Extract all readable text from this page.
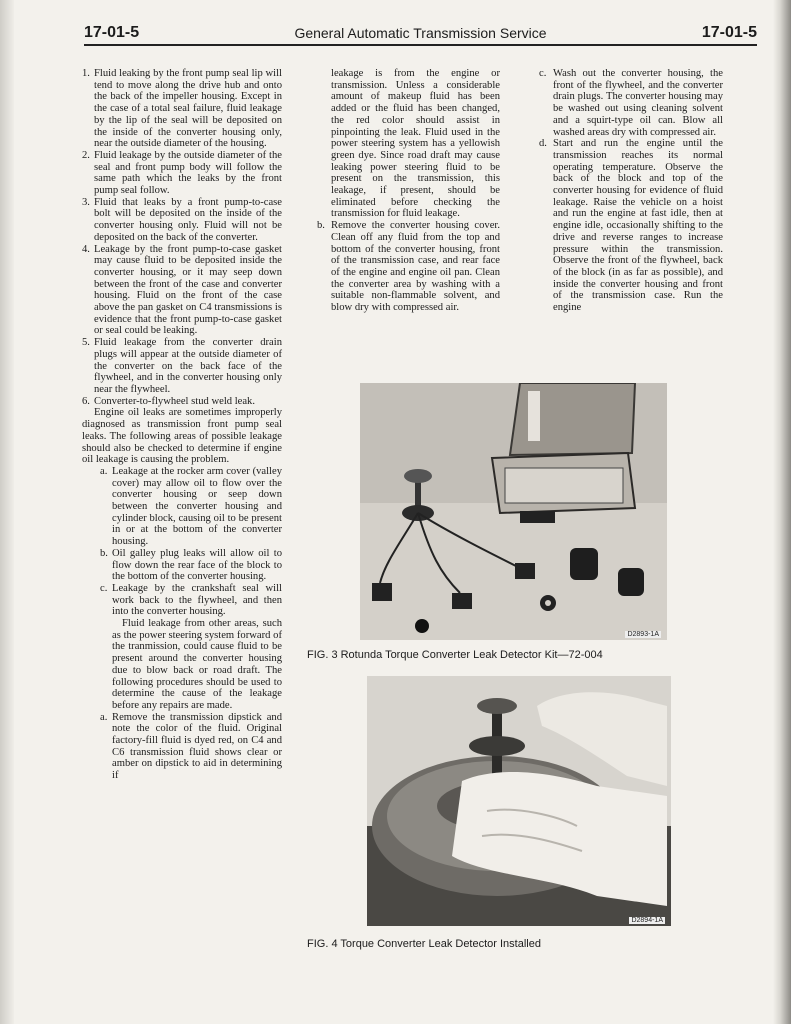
17-01-5	General Automatic Transmission Service	17-01-5
1. Fluid leaking by the front pump seal lip will tend to move along the drive hub and onto the back of the impeller housing. Except in the case of a total seal failure, fluid leakage by the lip of the seal will be deposited on the inside of the converter housing only, near the outside diameter of the housing.
2. Fluid leakage by the outside diameter of the seal and front pump body will follow the same path which the leaks by the front pump seal follow.
3. Fluid that leaks by a front pump-to-case bolt will be deposited on the inside of the converter housing only. Fluid will not be deposited on the back of the converter.
4. Leakage by the front pump-to-case gasket may cause fluid to be deposited inside the converter housing, or it may seep down between the front of the case and converter housing. Fluid on the front of the case above the pan gasket on C4 transmissions is evidence that the front pump-to-case gasket or seal could be leaking.
5. Fluid leakage from the converter drain plugs will appear at the outside diameter of the converter on the back face of the flywheel, and in the converter housing only near the flywheel.
6. Converter-to-flywheel stud weld leak.

Engine oil leaks are sometimes improperly diagnosed as transmission front pump seal leaks. The following areas of possible leakage should also be checked to determine if engine oil leakage is causing the problem.

a. Leakage at the rocker arm cover (valley cover) may allow oil to flow over the converter housing or seep down between the converter housing and cylinder block, causing oil to be present in or at the bottom of the converter housing.
b. Oil galley plug leaks will allow oil to flow down the rear face of the block to the bottom of the converter housing.
c. Leakage by the crankshaft seal will work back to the flywheel, and then into the converter housing.

Fluid leakage from other areas, such as the power steering system forward of the tranmission, could cause fluid to be present around the converter housing due to blow back or road draft. The following procedures should be used to determine the cause of the leakage before any repairs are made.

a. Remove the transmission dipstick and note the color of the fluid. Original factory-fill fluid is dyed red, on C4 and C6 transmission fluid shows clear or amber on dipstick to aid in determining if

leakage is from the engine or transmission. Unless a considerable amount of makeup fluid has been added or the fluid has been changed, the red color should assist in pinpointing the leak. Fluid used in the power steering system has a yellowish green dye. Since road draft may cause leaking power steering fluid to be present on the transmission, this leakage, if present, should be eliminated before checking the transmission for fluid leakage.

b. Remove the converter housing cover. Clean off any fluid from the top and bottom of the converter housing, front of the transmission case, and rear face of the engine and engine oil pan. Clean the converter area by washing with a suitable non-flammable solvent, and blow dry with compressed air.
c. Wash out the converter housing, the front of the flywheel, and the converter drain plugs. The converter housing may be washed out using cleaning solvent and a squirt-type oil can. Blow all washed areas dry with compressed air.
d. Start and run the engine until the transmission reaches its normal operating temperature. Observe the back of the block and top of the converter housing for evidence of fluid leakage. Raise the vehicle on a hoist and run the engine at fast idle, then at engine idle, occasionally shifting to the drive and reverse ranges to increase pressure within the transmission. Observe the front of the flywheel, back of the block (in as far as possible), and inside the converter housing and front of the transmission case. Run the engine
D2893-1A
FIG. 3 Rotunda Torque Converter Leak Detector Kit—72-004
D2894-1A
FIG. 4 Torque Converter Leak Detector Installed
